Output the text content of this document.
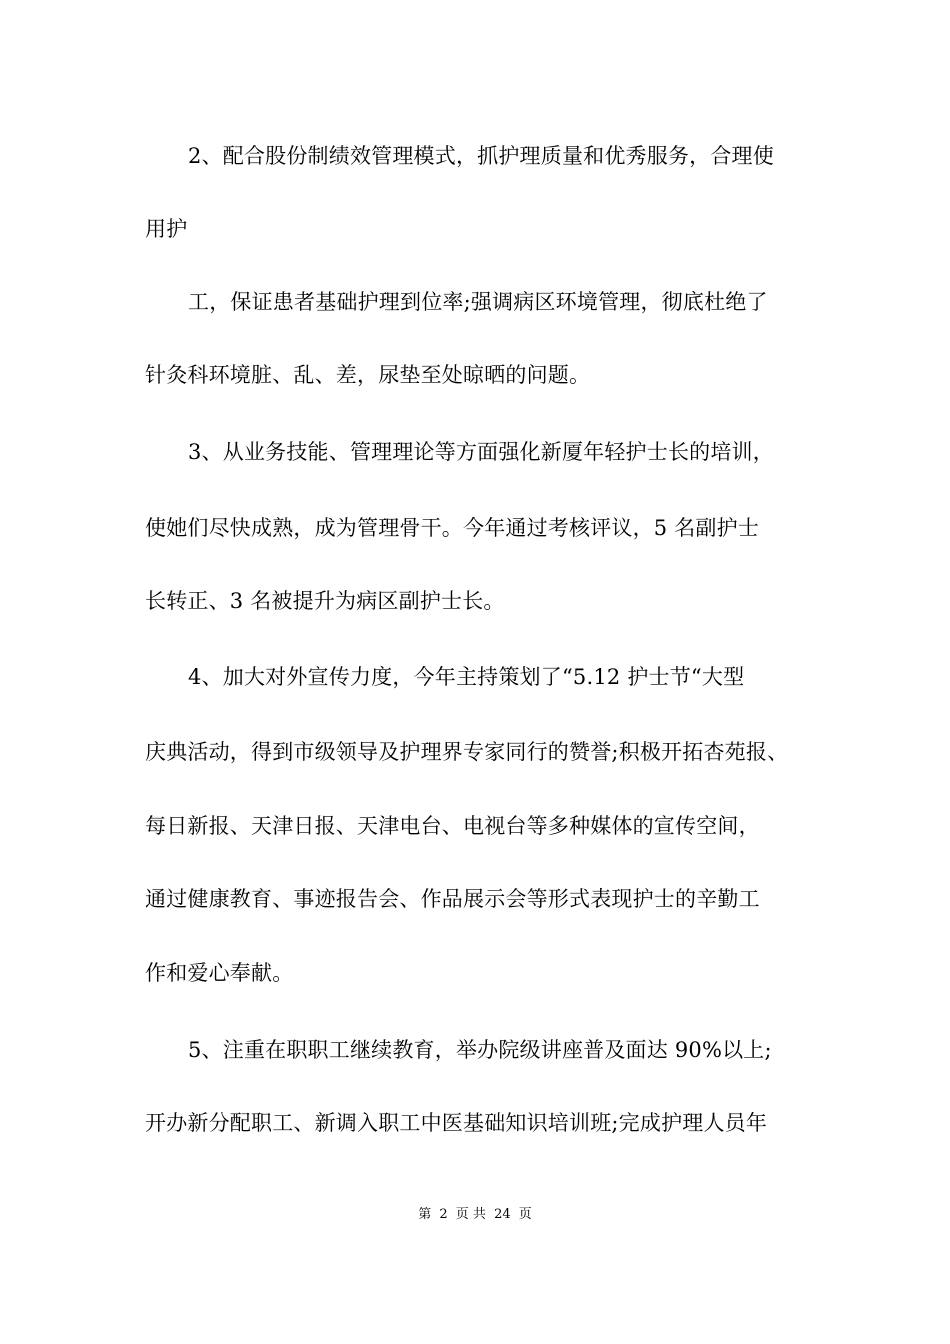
2、配合股份制绩效管理模式，抓护理质量和优秀服务，合理使
用护
工，保证患者基础护理到位率;强调病区环境管理，彻底杜绝了
针灸科环境脏、乱、差，尿垫至处晾晒的问题。
3、从业务技能、管理理论等方面强化新厦年轻护士长的培训，
使她们尽快成熟，成为管理骨干。今年通过考核评议，5 名副护士
长转正、3 名被提升为病区副护士长。
4、加大对外宣传力度，今年主持策划了“5.12 护士节“大型
庆典活动，得到市级领导及护理界专家同行的赞誉;积极开拓杏苑报、
每日新报、天津日报、天津电台、电视台等多种媒体的宣传空间，
通过健康教育、事迹报告会、作品展示会等形式表现护士的辛勤工
作和爱心奉献。
5、注重在职职工继续教育，举办院级讲座普及面达 90%以上;
开办新分配职工、新调入职工中医基础知识培训班;完成护理人员年
第 2 页 共 24 页
